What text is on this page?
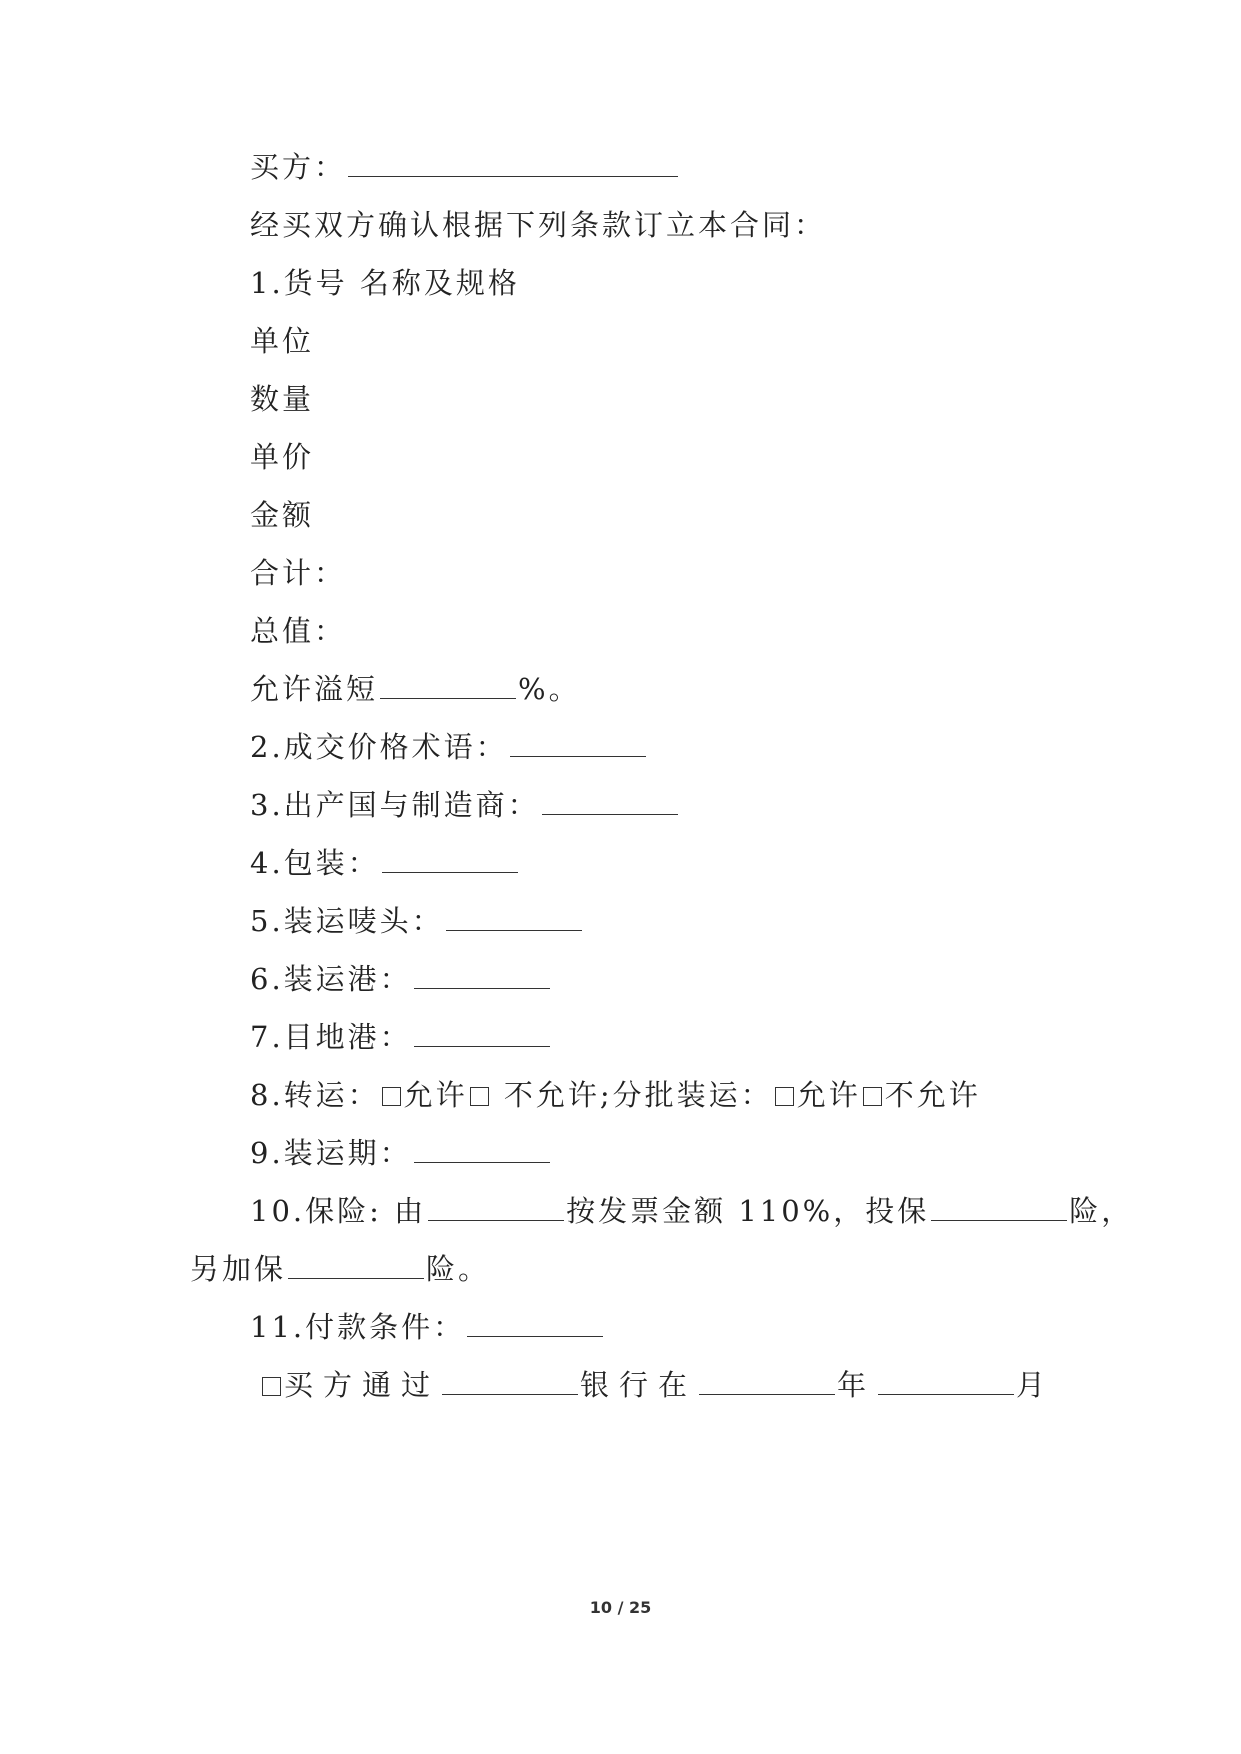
买方：

经买双方确认根据下列条款订立本合同：

1.货号 名称及规格

单位

数量

单价

金额

合计：

总值：

允许溢短	%。

2.成交价格术语：

3.出产国与制造商：

4.包装：

5.装运唛头：

6.装运港：

7.目地港：

8.转运： 允许 不允许;分批装运： 允许 不允许

9.装运期：

10.保险: 由	按发票金额 110%，投保	险，

另加保	险。

11.付款条件：

买方通过	银行在	年	月

10 / 25
